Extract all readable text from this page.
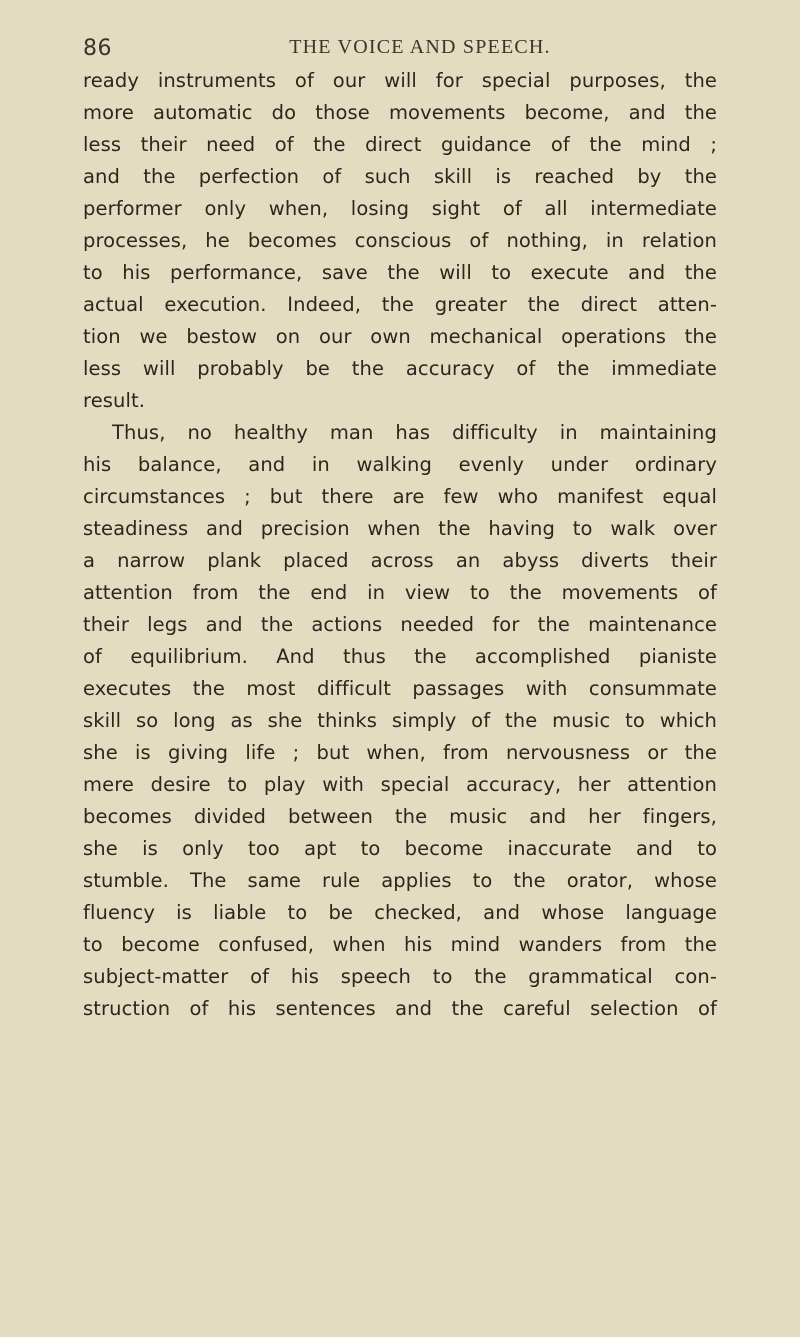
86	THE VOICE AND SPEECH.
ready instruments of our will for special purposes, the
more automatic do those movements become, and the
less their need of the direct guidance of the mind ;
and the perfection of such skill is reached by the
performer only when, losing sight of all intermediate
processes, he becomes conscious of nothing, in relation
to his performance, save the will to execute and the
actual execution. Indeed, the greater the direct atten-
tion we bestow on our own mechanical operations the
less will probably be the accuracy of the immediate
result.
Thus, no healthy man has difficulty in maintaining
his balance, and in walking evenly under ordinary
circumstances ; but there are few who manifest equal
steadiness and precision when the having to walk over
a narrow plank placed across an abyss diverts their
attention from the end in view to the movements of
their legs and the actions needed for the maintenance
of equilibrium. And thus the accomplished pianiste
executes the most difficult passages with consummate
skill so long as she thinks simply of the music to which
she is giving life ; but when, from nervousness or the
mere desire to play with special accuracy, her attention
becomes divided between the music and her fingers,
she is only too apt to become inaccurate and to
stumble. The same rule applies to the orator, whose
fluency is liable to be checked, and whose language
to become confused, when his mind wanders from the
subject-matter of his speech to the grammatical con-
struction of his sentences and the careful selection of
